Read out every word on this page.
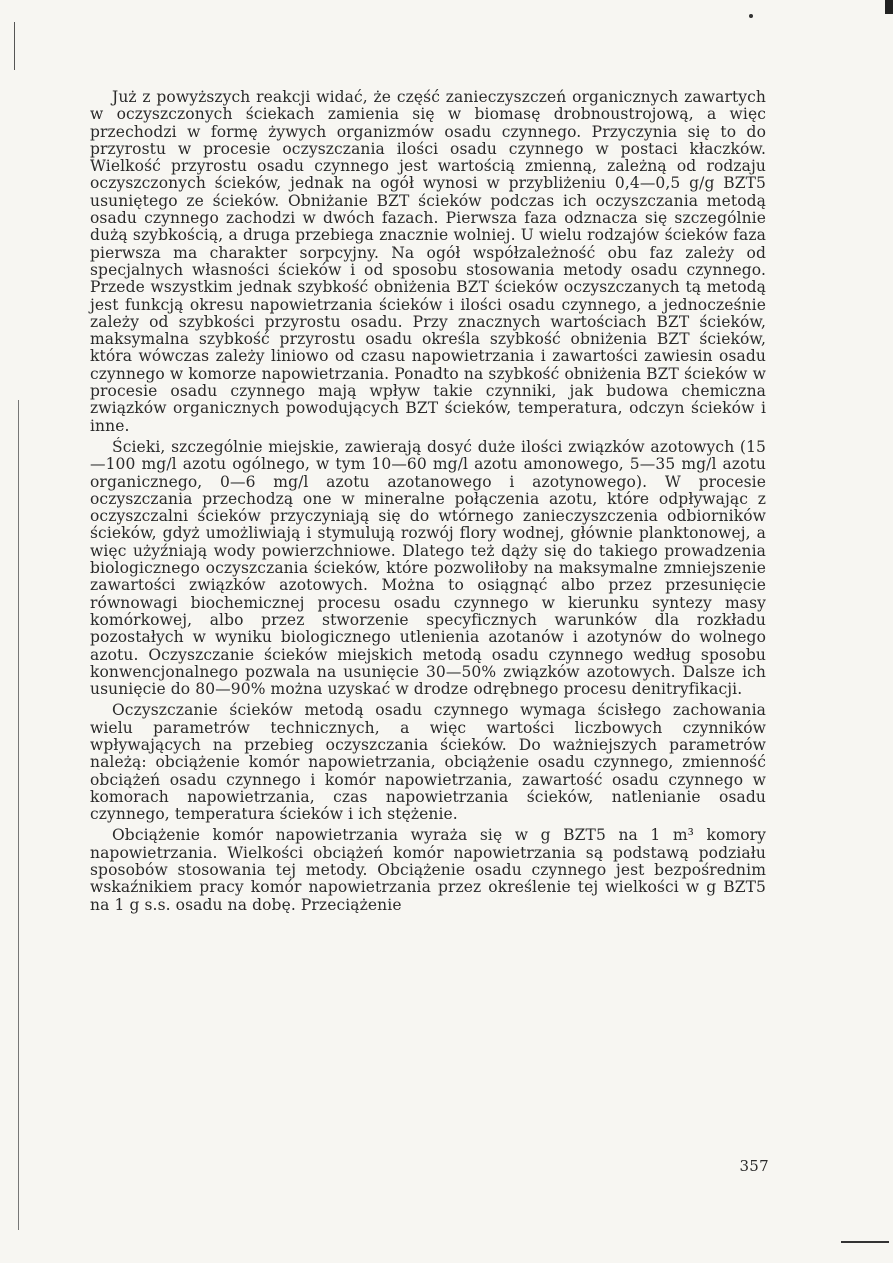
Już z powyższych reakcji widać, że część zanieczyszczeń organicznych zawartych w oczyszczonych ściekach zamienia się w biomasę drobnoustrojową, a więc przechodzi w formę żywych organizmów osadu czynnego. Przyczynia się to do przyrostu w procesie oczyszczania ilości osadu czynnego w postaci kłaczków. Wielkość przyrostu osadu czynnego jest wartością zmienną, zależną od rodzaju oczyszczonych ścieków, jednak na ogół wynosi w przybliżeniu 0,4—0,5 g/g BZT5 usuniętego ze ścieków. Obniżanie BZT ścieków podczas ich oczyszczania metodą osadu czynnego zachodzi w dwóch fazach. Pierwsza faza odznacza się szczególnie dużą szybkością, a druga przebiega znacznie wolniej. U wielu rodzajów ścieków faza pierwsza ma charakter sorpcyjny. Na ogół współzależność obu faz zależy od specjalnych własności ścieków i od sposobu stosowania metody osadu czynnego. Przede wszystkim jednak szybkość obniżenia BZT ścieków oczyszczanych tą metodą jest funkcją okresu napowietrzania ścieków i ilości osadu czynnego, a jednocześnie zależy od szybkości przyrostu osadu. Przy znacznych wartościach BZT ścieków, maksymalna szybkość przyrostu osadu określa szybkość obniżenia BZT ścieków, która wówczas zależy liniowo od czasu napowietrzania i zawartości zawiesin osadu czynnego w komorze napowietrzania. Ponadto na szybkość obniżenia BZT ścieków w procesie osadu czynnego mają wpływ takie czynniki, jak budowa chemiczna związków organicznych powodujących BZT ścieków, temperatura, odczyn ścieków i inne.

Ścieki, szczególnie miejskie, zawierają dosyć duże ilości związków azotowych (15—100 mg/l azotu ogólnego, w tym 10—60 mg/l azotu amonowego, 5—35 mg/l azotu organicznego, 0—6 mg/l azotu azotanowego i azotynowego). W procesie oczyszczania przechodzą one w mineralne połączenia azotu, które odpływając z oczyszczalni ścieków przyczyniają się do wtórnego zanieczyszczenia odbiorników ścieków, gdyż umożliwiają i stymulują rozwój flory wodnej, głównie planktonowej, a więc użyźniają wody powierzchniowe. Dlatego też dąży się do takiego prowadzenia biologicznego oczyszczania ścieków, które pozwoliłoby na maksymalne zmniejszenie zawartości związków azotowych. Można to osiągnąć albo przez przesunięcie równowagi biochemicznej procesu osadu czynnego w kierunku syntezy masy komórkowej, albo przez stworzenie specyficznych warunków dla rozkładu pozostałych w wyniku biologicznego utlenienia azotanów i azotynów do wolnego azotu. Oczyszczanie ścieków miejskich metodą osadu czynnego według sposobu konwencjonalnego pozwala na usunięcie 30—50% związków azotowych. Dalsze ich usunięcie do 80—90% można uzyskać w drodze odrębnego procesu denitryfikacji.

Oczyszczanie ścieków metodą osadu czynnego wymaga ścisłego zachowania wielu parametrów technicznych, a więc wartości liczbowych czynników wpływających na przebieg oczyszczania ścieków. Do ważniejszych parametrów należą: obciążenie komór napowietrzania, obciążenie osadu czynnego, zmienność obciążeń osadu czynnego i komór napowietrzania, zawartość osadu czynnego w komorach napowietrzania, czas napowietrzania ścieków, natlenianie osadu czynnego, temperatura ścieków i ich stężenie.

Obciążenie komór napowietrzania wyraża się w g BZT5 na 1 m³ komory napowietrzania. Wielkości obciążeń komór napowietrzania są podstawą podziału sposobów stosowania tej metody. Obciążenie osadu czynnego jest bezpośrednim wskaźnikiem pracy komór napowietrzania przez określenie tej wielkości w g BZT5 na 1 g s.s. osadu na dobę. Przeciążenie

357
